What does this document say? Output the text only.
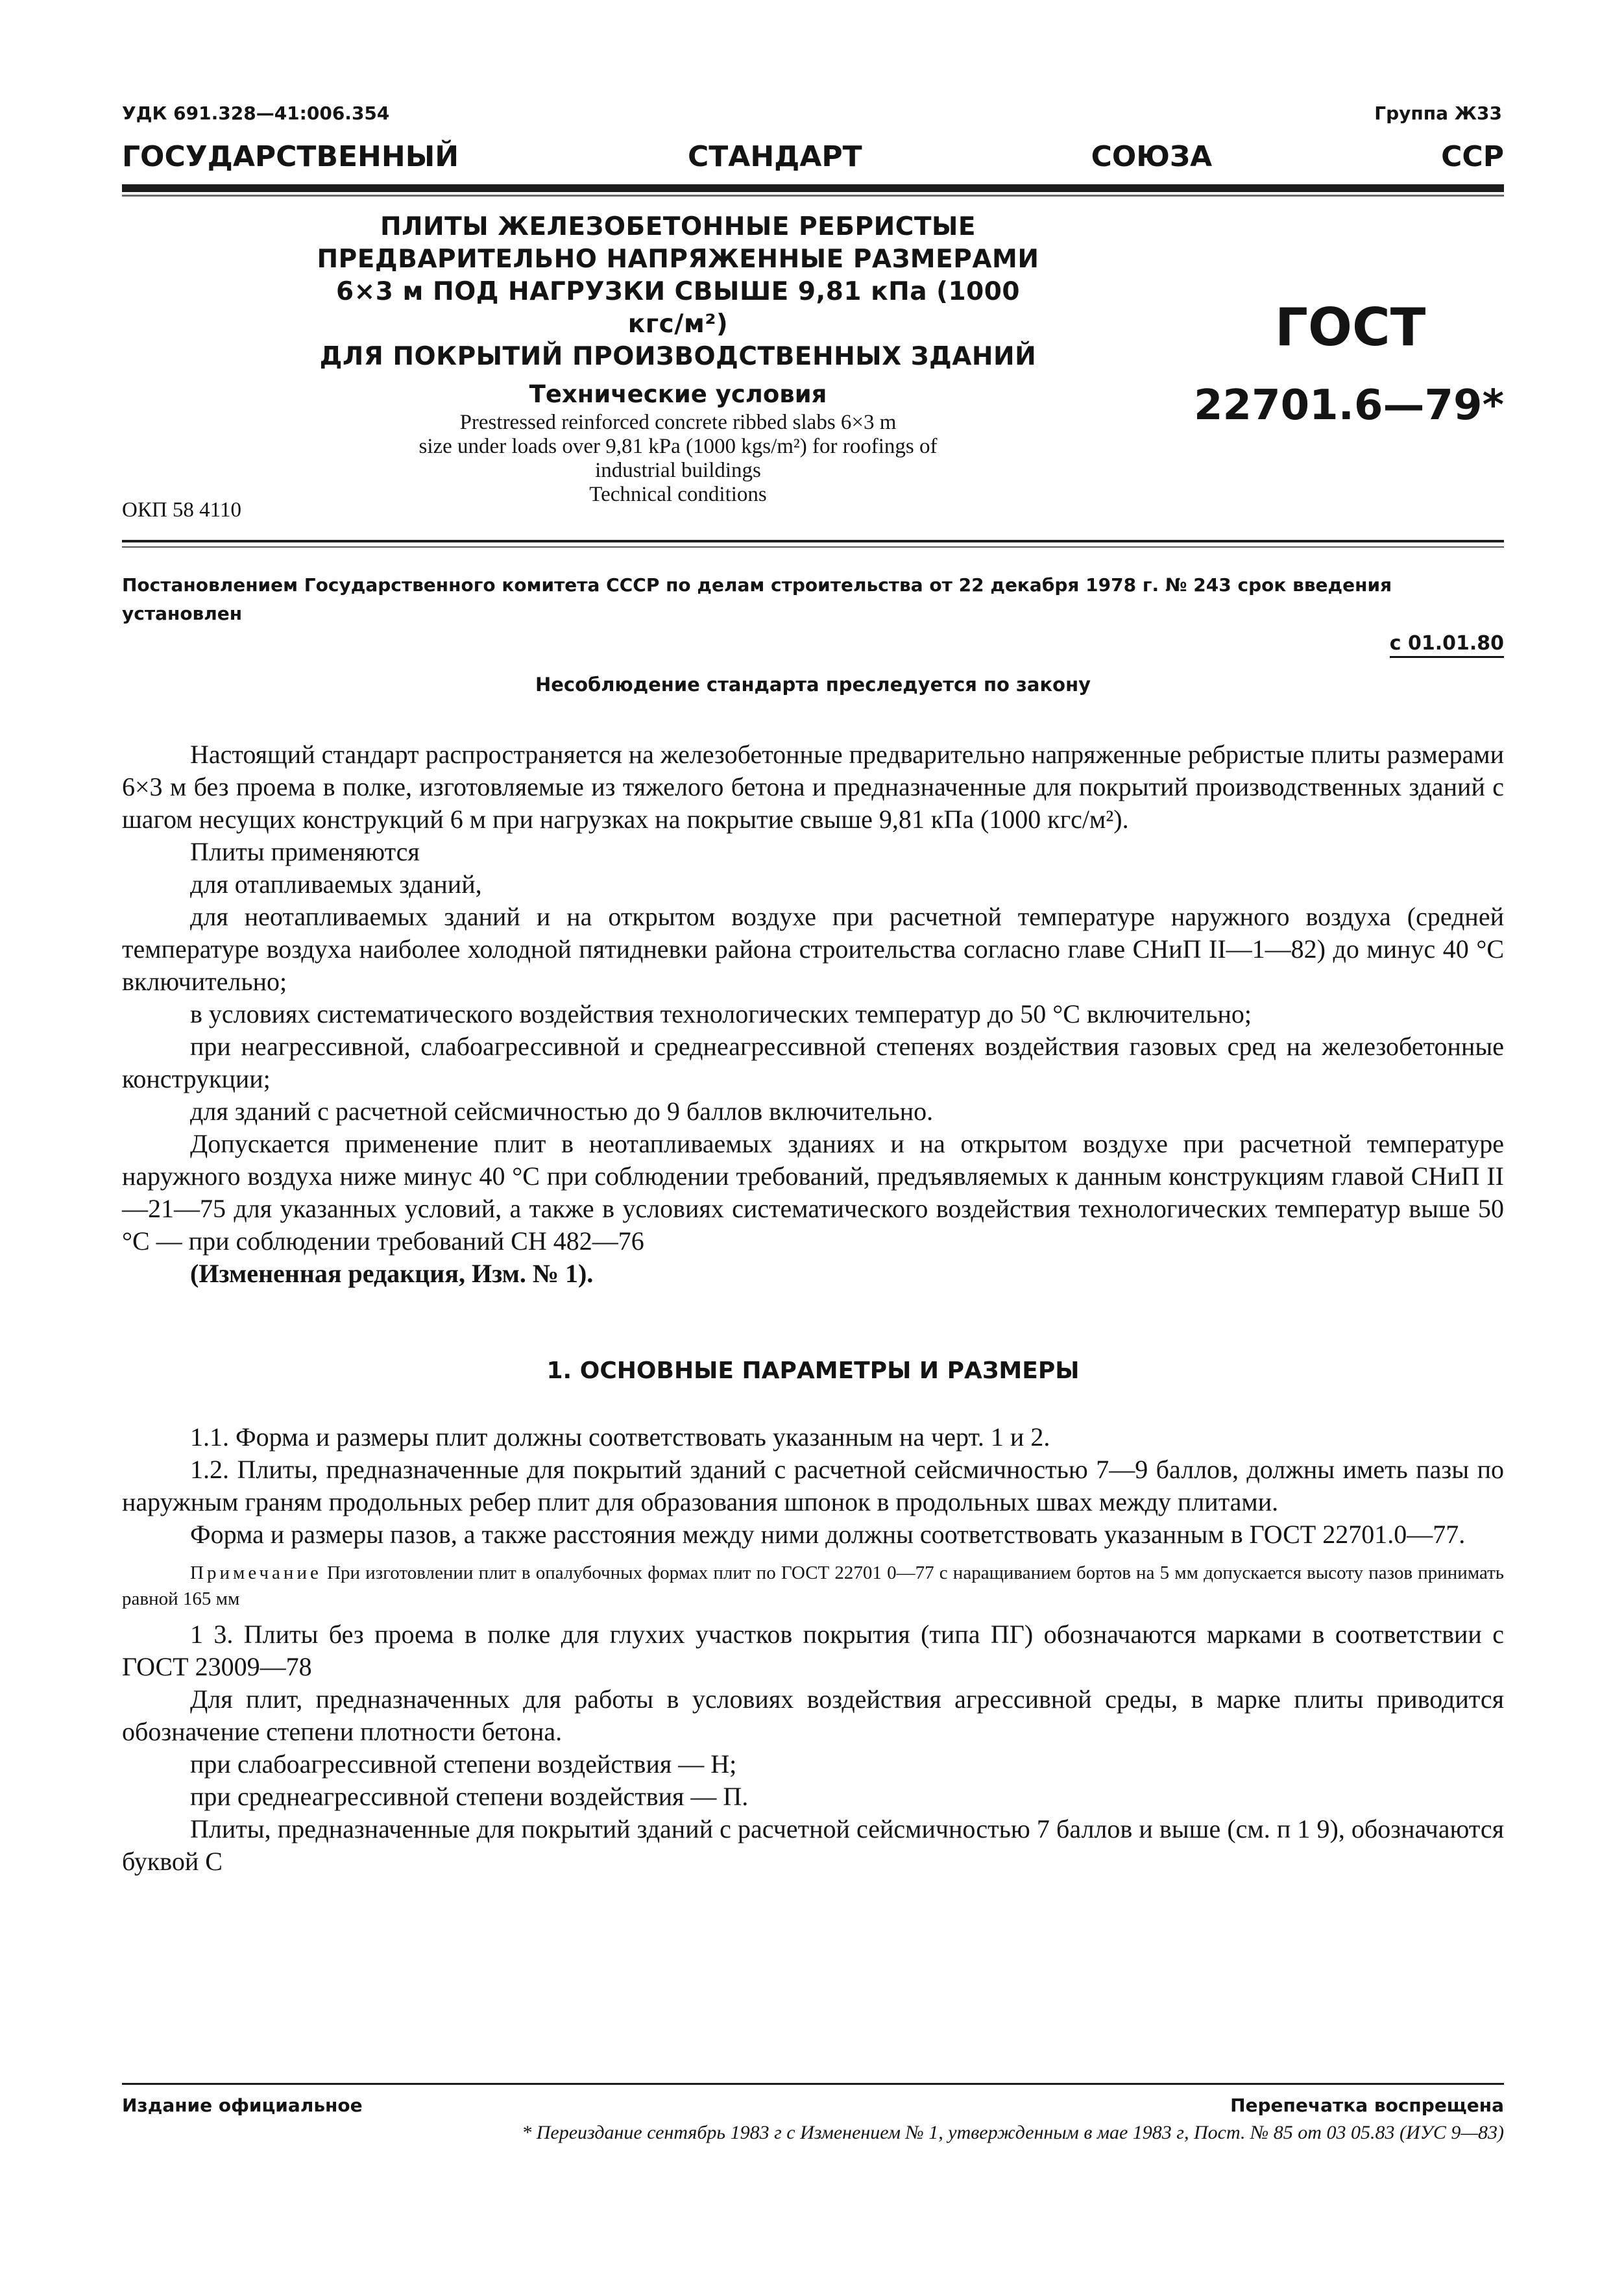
УДК 691.328—41:006.354	Группа Ж33
ГОСУДАРСТВЕННЫЙ	СТАНДАРТ	СОЮЗА	ССР
ПЛИТЫ ЖЕЛЕЗОБЕТОННЫЕ РЕБРИСТЫЕ
ПРЕДВАРИТЕЛЬНО НАПРЯЖЕННЫЕ РАЗМЕРАМИ
6×3 м ПОД НАГРУЗКИ СВЫШЕ 9,81 кПа (1000 кгс/м²)
ДЛЯ ПОКРЫТИЙ ПРОИЗВОДСТВЕННЫХ ЗДАНИЙ
Технические условия
Prestressed reinforced concrete ribbed slabs 6×3 m
size under loads over 9,81 kPa (1000 kgs/m²) for roofings of
industrial buildings
Technical conditions
ГОСТ
22701.6—79*
ОКП 58 4110
Постановлением Государственного комитета СССР по делам строительства от 22 декабря 1978 г. № 243 срок введения установлен
с 01.01.80
Несоблюдение стандарта преследуется по закону

Настоящий стандарт распространяется на железобетонные предварительно напряженные ребристые плиты размерами 6×3 м без проема в полке, изготовляемые из тяжелого бетона и предназначенные для покрытий производственных зданий с шагом несущих конструкций 6 м при нагрузках на покрытие свыше 9,81 кПа (1000 кгс/м²).

Плиты применяются

для отапливаемых зданий,

для неотапливаемых зданий и на открытом воздухе при расчетной температуре наружного воздуха (средней температуре воздуха наиболее холодной пятидневки района строительства согласно главе СНиП II—1—82) до минус 40 °С включительно;

в условиях систематического воздействия технологических температур до 50 °С включительно;

при неагрессивной, слабоагрессивной и среднеагрессивной степенях воздействия газовых сред на железобетонные конструкции;

для зданий с расчетной сейсмичностью до 9 баллов включительно.

Допускается применение плит в неотапливаемых зданиях и на открытом воздухе при расчетной температуре наружного воздуха ниже минус 40 °С при соблюдении требований, предъявляемых к данным конструкциям главой СНиП II—21—75 для указанных условий, а также в условиях систематического воздействия технологических температур выше 50 °С — при соблюдении требований СН 482—76

(Измененная редакция, Изм. № 1).

1. ОСНОВНЫЕ ПАРАМЕТРЫ И РАЗМЕРЫ

1.1. Форма и размеры плит должны соответствовать указанным на черт. 1 и 2.

1.2. Плиты, предназначенные для покрытий зданий с расчетной сейсмичностью 7—9 баллов, должны иметь пазы по наружным граням продольных ребер плит для образования шпонок в продольных швах между плитами.

Форма и размеры пазов, а также расстояния между ними должны соответствовать указанным в ГОСТ 22701.0—77.

Примечание При изготовлении плит в опалубочных формах плит по ГОСТ 22701 0—77 с наращиванием бортов на 5 мм допускается высоту пазов принимать равной 165 мм

1 3. Плиты без проема в полке для глухих участков покрытия (типа ПГ) обозначаются марками в соответствии с ГОСТ 23009—78

Для плит, предназначенных для работы в условиях воздействия агрессивной среды, в марке плиты приводится обозначение степени плотности бетона.

при слабоагрессивной степени воздействия — Н;

при среднеагрессивной степени воздействия — П.

Плиты, предназначенные для покрытий зданий с расчетной сейсмичностью 7 баллов и выше (см. п 1 9), обозначаются буквой С

Издание официальное	Перепечатка воспрещена
* Переиздание сентябрь 1983 г с Изменением № 1, утвержденным в мае 1983 г, Пост. № 85 от 03 05.83 (ИУС 9—83)
